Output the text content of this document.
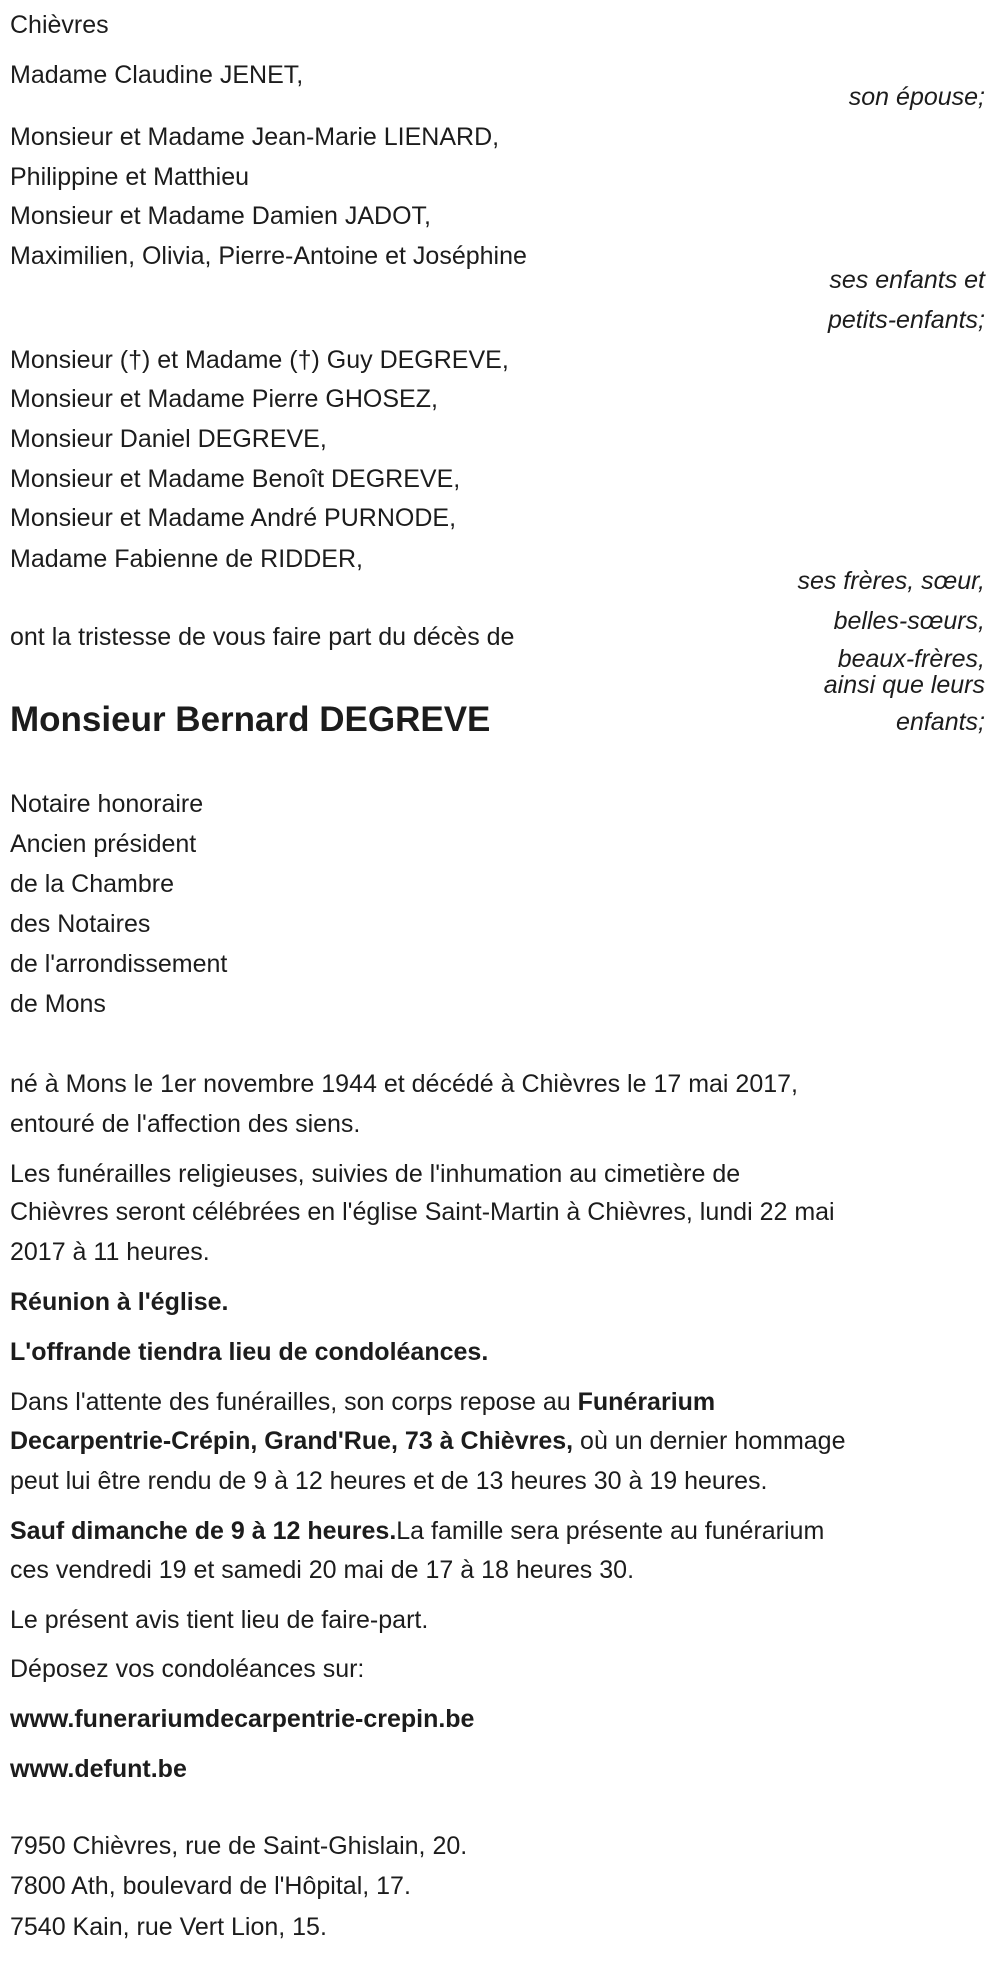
Chièvres
Madame Claudine JENET,
son épouse;
Monsieur et Madame Jean-Marie LIENARD,
Philippine et Matthieu
Monsieur et Madame Damien JADOT,
Maximilien, Olivia, Pierre-Antoine et Joséphine
ses enfants et
petits-enfants;
Monsieur (†) et Madame (†) Guy DEGREVE,
Monsieur et Madame Pierre GHOSEZ,
Monsieur Daniel DEGREVE,
Monsieur et Madame Benoît DEGREVE,
Monsieur et Madame André PURNODE,
Madame Fabienne de RIDDER,
ses frères, sœur,
belles-sœurs,
beaux-frères,
ainsi que leurs
enfants;
ont la tristesse de vous faire part du décès de
Monsieur Bernard DEGREVE
Notaire honoraire
Ancien président
de la Chambre
des Notaires
de l'arrondissement
de Mons
né à Mons le 1er novembre 1944 et décédé à Chièvres le 17 mai 2017,
entouré de l'affection des siens.
Les funérailles religieuses, suivies de l'inhumation au cimetière de
Chièvres seront célébrées en l'église Saint-Martin à Chièvres, lundi 22 mai
2017 à 11 heures.
Réunion à l'église.
L'offrande tiendra lieu de condoléances.
Dans l'attente des funérailles, son corps repose au Funérarium
Decarpentrie-Crépin, Grand'Rue, 73 à Chièvres, où un dernier hommage
peut lui être rendu de 9 à 12 heures et de 13 heures 30 à 19 heures.
Sauf dimanche de 9 à 12 heures.La famille sera présente au funérarium
ces vendredi 19 et samedi 20 mai de 17 à 18 heures 30.
Le présent avis tient lieu de faire-part.
Déposez vos condoléances sur:
www.funerariumdecarpentrie-crepin.be
www.defunt.be
7950 Chièvres, rue de Saint-Ghislain, 20.
7800 Ath, boulevard de l'Hôpital, 17.
7540 Kain, rue Vert Lion, 15.
